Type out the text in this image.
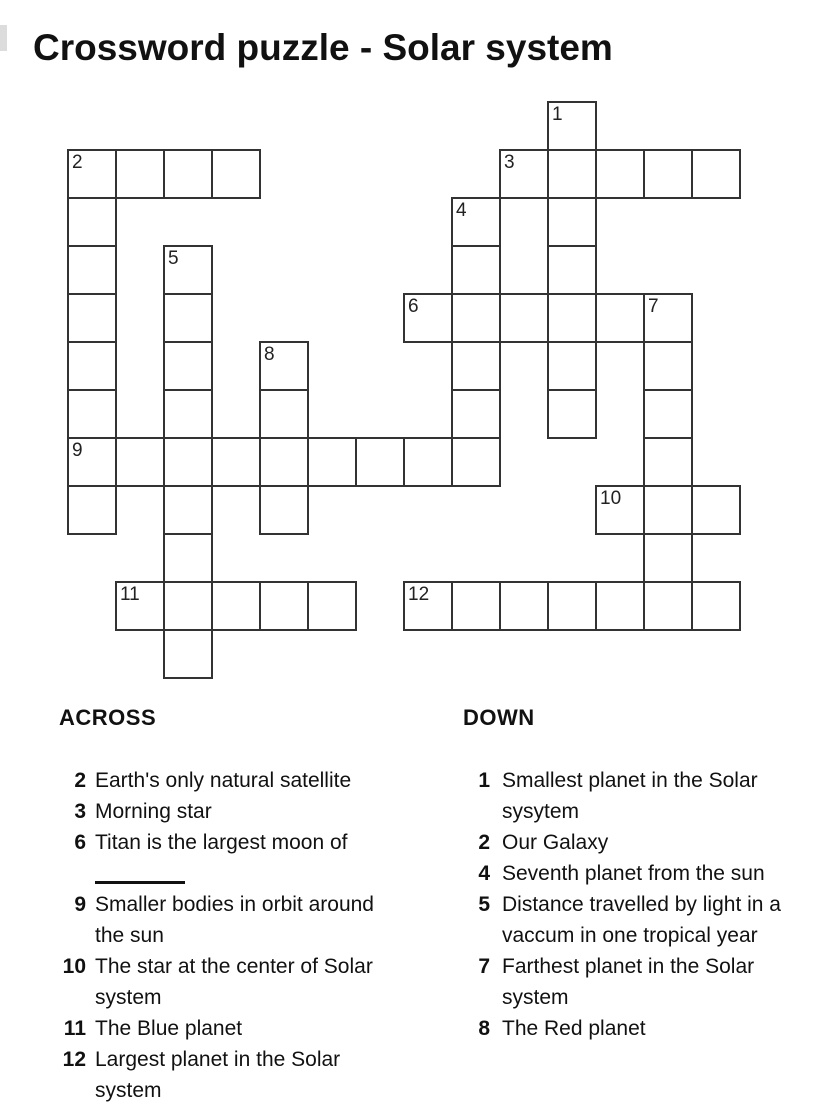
Crossword puzzle - Solar system
1
2	3
4
5
6	7
8
9
10
11	12
ACROSS	DOWN
2 Earth's only natural satellite
3 Morning star
6 Titan is the largest moon of
9 Smaller bodies in orbit around
the sun
10 The star at the center of Solar
system
11 The Blue planet
12 Largest planet in the Solar
system
1 Smallest planet in the Solar
sysytem
2 Our Galaxy
4 Seventh planet from the sun
5 Distance travelled by light in a
vaccum in one tropical year
7 Farthest planet in the Solar
system
8 The Red planet
